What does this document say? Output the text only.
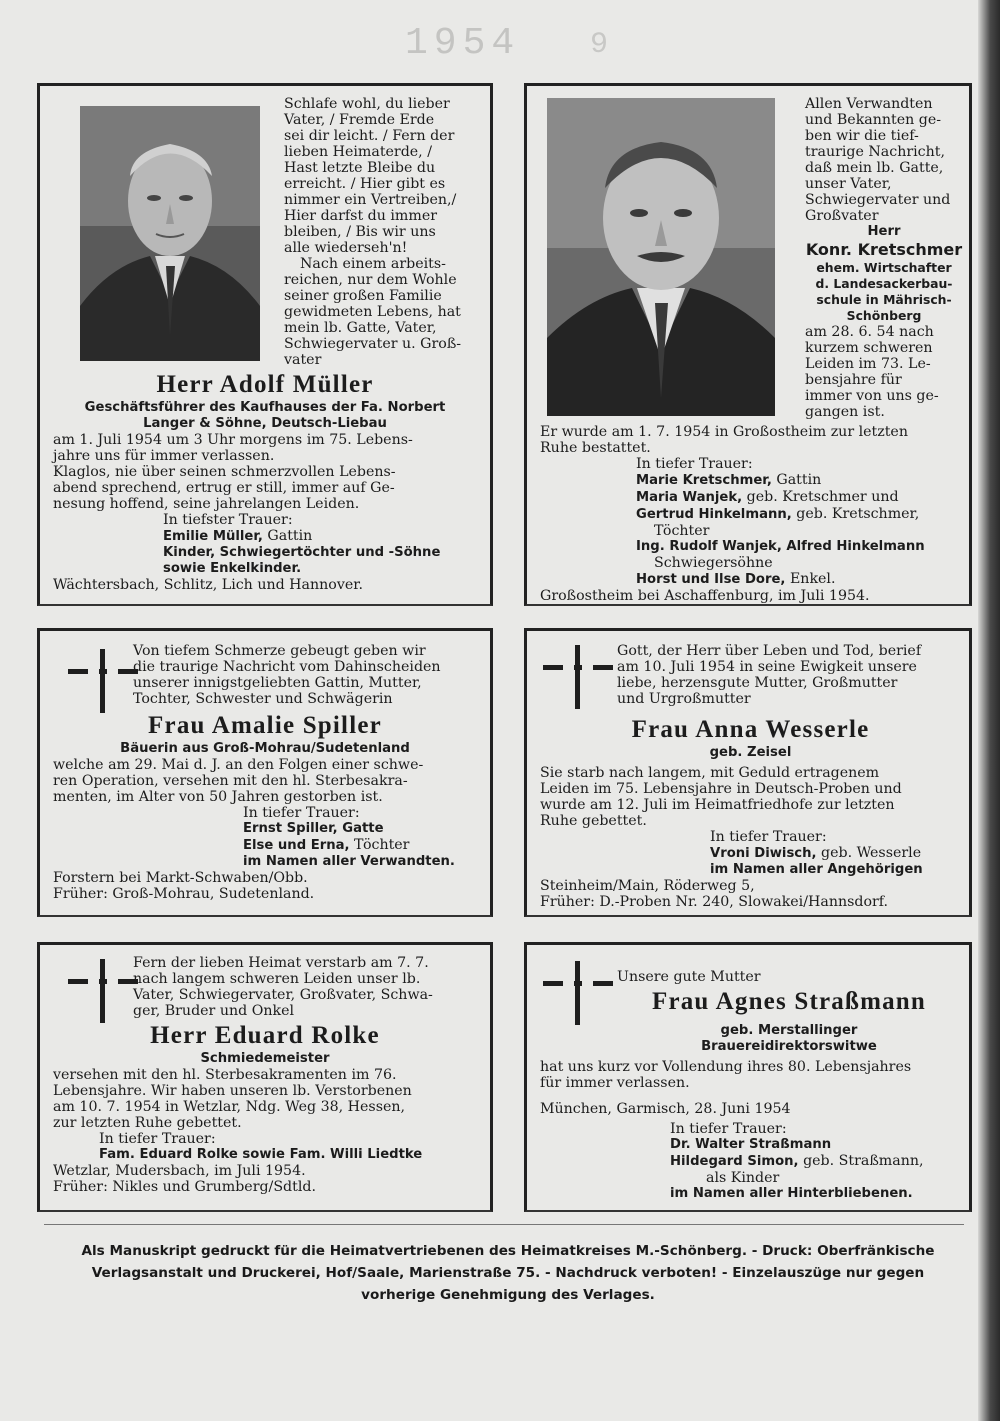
1954 9

Schlafe wohl, du lieber
Vater, / Fremde Erde
sei dir leicht. / Fern der
lieben Heimaterde, /
Hast letzte Bleibe du
erreicht. / Hier gibt es
nimmer ein Vertreiben,/
Hier darfst du immer
bleiben, / Bis wir uns
alle wiederseh'n!
Nach einem arbeits-
reichen, nur dem Wohle
seiner großen Familie
gewidmeten Lebens, hat
mein lb. Gatte, Vater,
Schwiegervater u. Groß-
vater

Herr Adolf Müller

Geschäftsführer des Kaufhauses der Fa. Norbert
Langer & Söhne, Deutsch-Liebau

am 1. Juli 1954 um 3 Uhr morgens im 75. Lebens-
jahre uns für immer verlassen.
Klaglos, nie über seinen schmerzvollen Lebens-
abend sprechend, ertrug er still, immer auf Ge-
nesung hoffend, seine jahrelangen Leiden.

In tiefster Trauer:
Emilie Müller, Gattin
Kinder, Schwiegertöchter und -Söhne
sowie Enkelkinder.
Wächtersbach, Schlitz, Lich und Hannover.

Allen Verwandten
und Bekannten ge-
ben wir die tief-
traurige Nachricht,
daß mein lb. Gatte,
unser Vater,
Schwiegervater und
Großvater

Herr
Konr. Kretschmer
ehem. Wirtschafter
d. Landesackerbau-
schule in Mährisch-
Schönberg

am 28. 6. 54 nach
kurzem schweren
Leiden im 73. Le-
bensjahre für
immer von uns ge-
gangen ist.

Er wurde am 1. 7. 1954 in Großostheim zur letzten
Ruhe bestattet.

In tiefer Trauer:
Marie Kretschmer, Gattin
Maria Wanjek, geb. Kretschmer und
Gertrud Hinkelmann, geb. Kretschmer,
Töchter
Ing. Rudolf Wanjek, Alfred Hinkelmann
Schwiegersöhne
Horst und Ilse Dore, Enkel.
Großostheim bei Aschaffenburg, im Juli 1954.

Von tiefem Schmerze gebeugt geben wir
die traurige Nachricht vom Dahinscheiden
unserer innigstgeliebten Gattin, Mutter,
Tochter, Schwester und Schwägerin

Frau Amalie Spiller

Bäuerin aus Groß-Mohrau/Sudetenland

welche am 29. Mai d. J. an den Folgen einer schwe-
ren Operation, versehen mit den hl. Sterbesakra-
menten, im Alter von 50 Jahren gestorben ist.

In tiefer Trauer:
Ernst Spiller, Gatte
Else und Erna, Töchter
im Namen aller Verwandten.
Forstern bei Markt-Schwaben/Obb.
Früher: Groß-Mohrau, Sudetenland.

Gott, der Herr über Leben und Tod, berief
am 10. Juli 1954 in seine Ewigkeit unsere
liebe, herzensgute Mutter, Großmutter
und Urgroßmutter

Frau Anna Wesserle

geb. Zeisel

Sie starb nach langem, mit Geduld ertragenem
Leiden im 75. Lebensjahre in Deutsch-Proben und
wurde am 12. Juli im Heimatfriedhofe zur letzten
Ruhe gebettet.

In tiefer Trauer:
Vroni Diwisch, geb. Wesserle
im Namen aller Angehörigen
Steinheim/Main, Röderweg 5,
Früher: D.-Proben Nr. 240, Slowakei/Hannsdorf.

Fern der lieben Heimat verstarb am 7. 7.
nach langem schweren Leiden unser lb.
Vater, Schwiegervater, Großvater, Schwa-
ger, Bruder und Onkel

Herr Eduard Rolke

Schmiedemeister

versehen mit den hl. Sterbesakramenten im 76.
Lebensjahre. Wir haben unseren lb. Verstorbenen
am 10. 7. 1954 in Wetzlar, Ndg. Weg 38, Hessen,
zur letzten Ruhe gebettet.

In tiefer Trauer:
Fam. Eduard Rolke sowie Fam. Willi Liedtke
Wetzlar, Mudersbach, im Juli 1954.
Früher: Nikles und Grumberg/Sdtld.
Unsere gute Mutter

Frau Agnes Straßmann

geb. Merstallinger
Brauereidirektorswitwe

hat uns kurz vor Vollendung ihres 80. Lebensjahres
für immer verlassen.

München, Garmisch, 28. Juni 1954
In tiefer Trauer:
Dr. Walter Straßmann
Hildegard Simon, geb. Straßmann,
als Kinder
im Namen aller Hinterbliebenen.
Als Manuskript gedruckt für die Heimatvertriebenen des Heimatkreises M.-Schönberg. - Druck: Oberfränkische
Verlagsanstalt und Druckerei, Hof/Saale, Marienstraße 75. - Nachdruck verboten! - Einzelauszüge nur gegen
vorherige Genehmigung des Verlages.
